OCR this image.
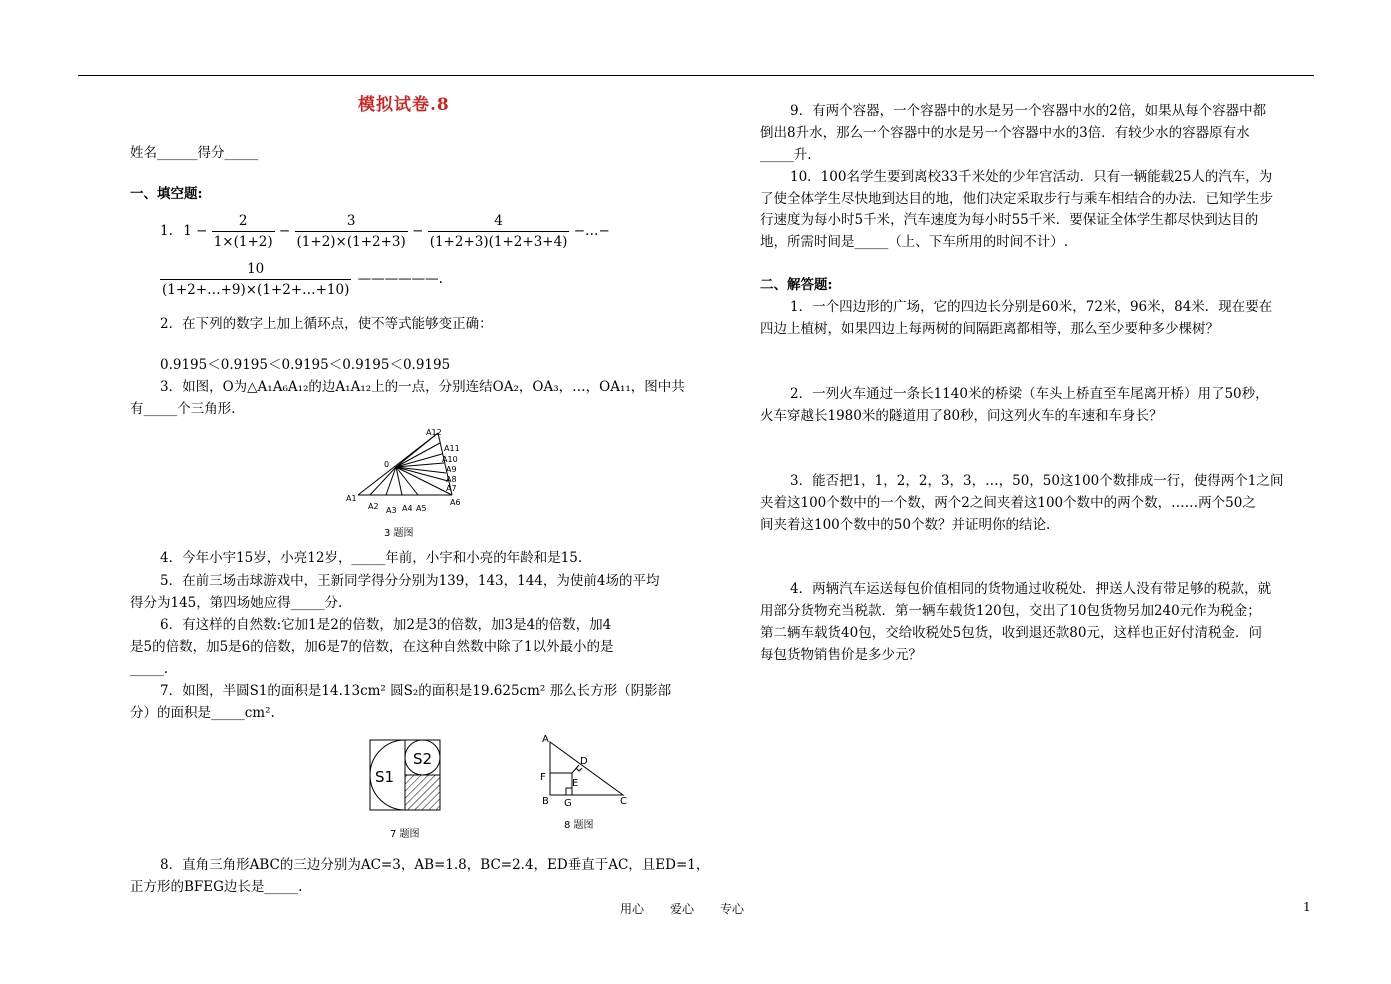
模拟试卷.8
姓名______得分_____
一、填空题:
1. $1 - \frac{2}{1\times(1+2)} - \frac{3}{(1+2)\times(1+2+3)} - \frac{4}{(1+2+3)(1+2+3+4)}$ −…−
$\frac{10}{(1+2+\dots+9)\times(1+2+\dots+10)}$ ——————.
2．在下列的数字上加上循环点，使不等式能够变正确：
0.9195＜0.9195＜0.9195＜0.9195＜0.9195
3．如图，O为△A₁A₆A₁₂的边A₁A₁₂上的一点，分别连结OA₂，OA₃，…，OA₁₁，图中共
有_____个三角形.
A12
A11
A10
A9
A8
A7
A6
A5
A4
A3
A2
A1
0
3 题图
4．今年小宇15岁，小亮12岁，_____年前，小宇和小亮的年龄和是15.
5．在前三场击球游戏中，王新同学得分分别为139，143，144，为使前4场的平均
得分为145，第四场她应得_____分.
6．有这样的自然数:它加1是2的倍数，加2是3的倍数，加3是4的倍数，加4
是5的倍数，加5是6的倍数，加6是7的倍数，在这种自然数中除了1以外最小的是
_____.
7．如图，半圆S1的面积是14.13cm² 圆S₂的面积是19.625cm² 那么长方形（阴影部
分）的面积是_____cm².
S1
S2
7 题图
A
B	C
D
E
F
G
8 题图
8．直角三角形ABC的三边分别为AC=3，AB=1.8，BC=2.4，ED垂直于AC，且ED=1，
正方形的BFEG边长是_____.
9．有两个容器，一个容器中的水是另一个容器中水的2倍，如果从每个容器中都
倒出8升水，那么一个容器中的水是另一个容器中水的3倍．有较少水的容器原有水
_____升.
10．100名学生要到离校33千米处的少年宫活动．只有一辆能载25人的汽车，为
了使全体学生尽快地到达目的地，他们决定采取步行与乘车相结合的办法．已知学生步
行速度为每小时5千米，汽车速度为每小时55千米．要保证全体学生都尽快到达目的
地，所需时间是_____（上、下车所用的时间不计）.
二、解答题:
1．一个四边形的广场，它的四边长分别是60米，72米，96米，84米．现在要在
四边上植树，如果四边上每两树的间隔距离都相等，那么至少要种多少棵树？
2．一列火车通过一条长1140米的桥梁（车头上桥直至车尾离开桥）用了50秒，
火车穿越长1980米的隧道用了80秒，问这列火车的车速和车身长？
3．能否把1，1，2，2，3，3，…，50，50这100个数排成一行，使得两个1之间
夹着这100个数中的一个数，两个2之间夹着这100个数中的两个数，……两个50之
间夹着这100个数中的50个数？并证明你的结论.
4．两辆汽车运送每包价值相同的货物通过收税处．押送人没有带足够的税款，就
用部分货物充当税款．第一辆车载货120包，交出了10包货物另加240元作为税金；
第二辆车载货40包，交给收税处5包货，收到退还款80元，这样也正好付清税金．问
每包货物销售价是多少元？
用心 爱心 专心	1
